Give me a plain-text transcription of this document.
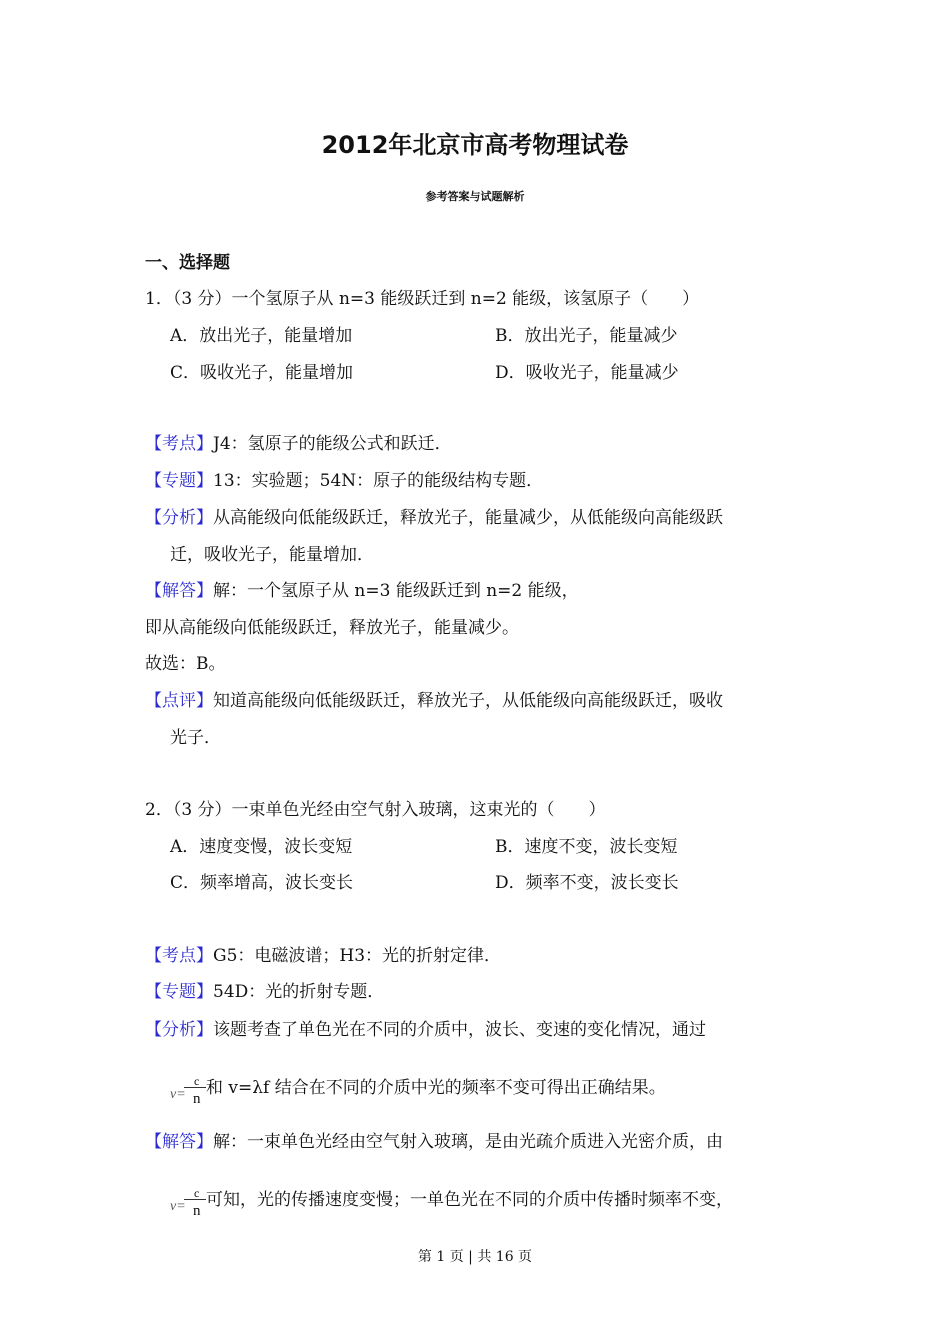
2012年北京市高考物理试卷
参考答案与试题解析
一、选择题
1．（3 分）一个氢原子从 n=3 能级跃迁到 n=2 能级，该氢原子（　　）
A．放出光子，能量增加	B．放出光子，能量减少
C．吸收光子，能量增加	D．吸收光子，能量减少
【考点】J4：氢原子的能级公式和跃迁．
【专题】13：实验题；54N：原子的能级结构专题．
【分析】从高能级向低能级跃迁，释放光子，能量减少，从低能级向高能级跃
迁，吸收光子，能量增加．
【解答】解：一个氢原子从 n=3 能级跃迁到 n=2 能级，
即从高能级向低能级跃迁，释放光子，能量减少。
故选：B。
【点评】知道高能级向低能级跃迁，释放光子，从低能级向高能级跃迁，吸收
光子．
2．（3 分）一束单色光经由空气射入玻璃，这束光的（　　）
A．速度变慢，波长变短	B．速度不变，波长变短
C．频率增高，波长变长	D．频率不变，波长变长
【考点】G5：电磁波谱；H3：光的折射定律．
【专题】54D：光的折射专题．
【分析】该题考查了单色光在不同的介质中，波长、变速的变化情况，通过
v=
c
n
和 v=λf 结合在不同的介质中光的频率不变可得出正确结果。
【解答】解：一束单色光经由空气射入玻璃，是由光疏介质进入光密介质，由
v=
c
n
可知，光的传播速度变慢；一单色光在不同的介质中传播时频率不变，
第 1 页 | 共 16 页
